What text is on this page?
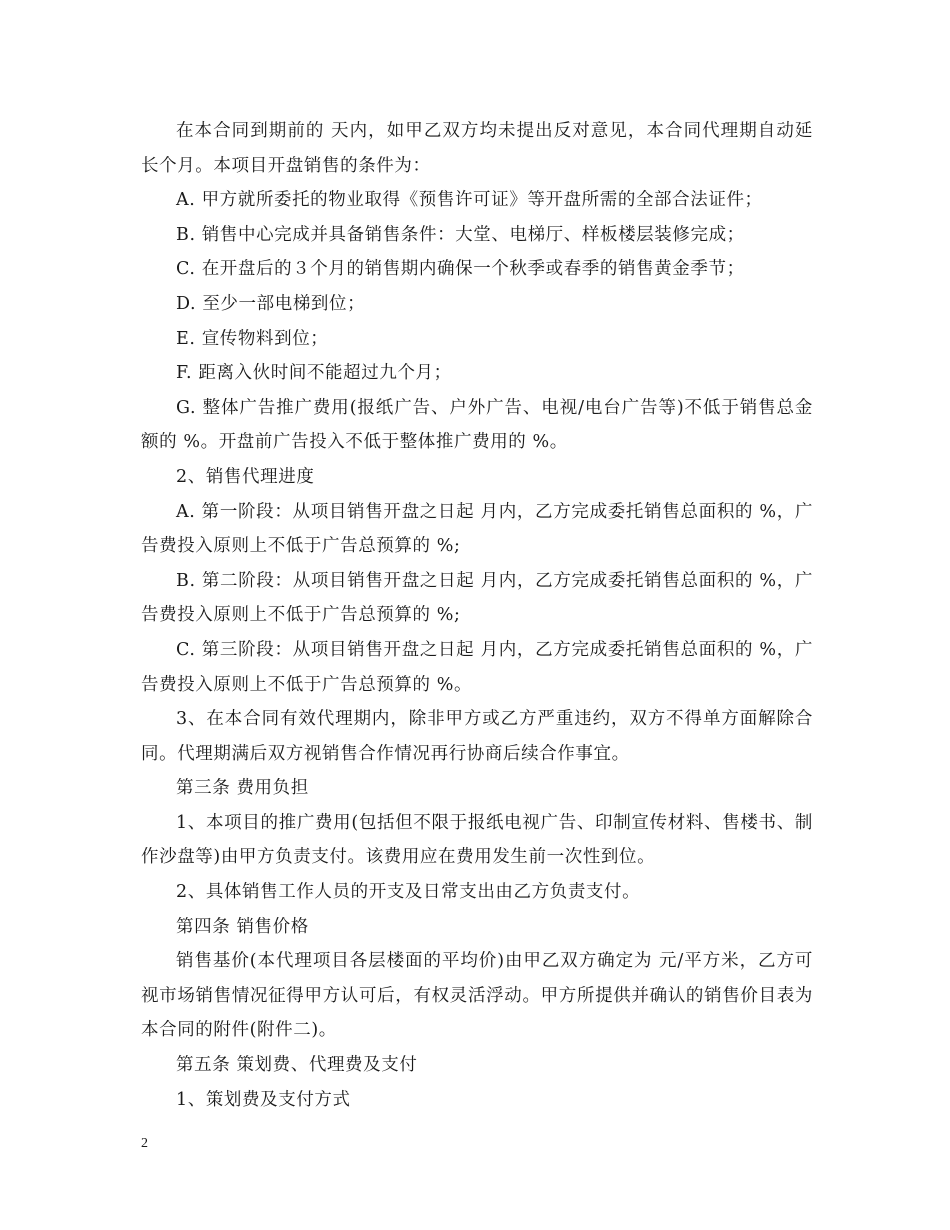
在本合同到期前的 天内，如甲乙双方均未提出反对意见，本合同代理期自动延长个月。本项目开盘销售的条件为：

A. 甲方就所委托的物业取得《预售许可证》等开盘所需的全部合法证件；

B. 销售中心完成并具备销售条件：大堂、电梯厅、样板楼层装修完成；

C. 在开盘后的３个月的销售期内确保一个秋季或春季的销售黄金季节；

D. 至少一部电梯到位；

E. 宣传物料到位；

F. 距离入伙时间不能超过九个月；

G. 整体广告推广费用(报纸广告、户外广告、电视/电台广告等)不低于销售总金额的 %。开盘前广告投入不低于整体推广费用的 %。

2、销售代理进度

A. 第一阶段：从项目销售开盘之日起 月内，乙方完成委托销售总面积的 %，广告费投入原则上不低于广告总预算的 %;

B. 第二阶段：从项目销售开盘之日起 月内，乙方完成委托销售总面积的 %，广告费投入原则上不低于广告总预算的 %;

C. 第三阶段：从项目销售开盘之日起 月内，乙方完成委托销售总面积的 %，广告费投入原则上不低于广告总预算的 %。

3、在本合同有效代理期内，除非甲方或乙方严重违约，双方不得单方面解除合同。代理期满后双方视销售合作情况再行协商后续合作事宜。

第三条 费用负担

1、本项目的推广费用(包括但不限于报纸电视广告、印制宣传材料、售楼书、制作沙盘等)由甲方负责支付。该费用应在费用发生前一次性到位。

2、具体销售工作人员的开支及日常支出由乙方负责支付。

第四条 销售价格

销售基价(本代理项目各层楼面的平均价)由甲乙双方确定为 元/平方米，乙方可视市场销售情况征得甲方认可后，有权灵活浮动。甲方所提供并确认的销售价目表为本合同的附件(附件二)。

第五条 策划费、代理费及支付

1、策划费及支付方式

2
